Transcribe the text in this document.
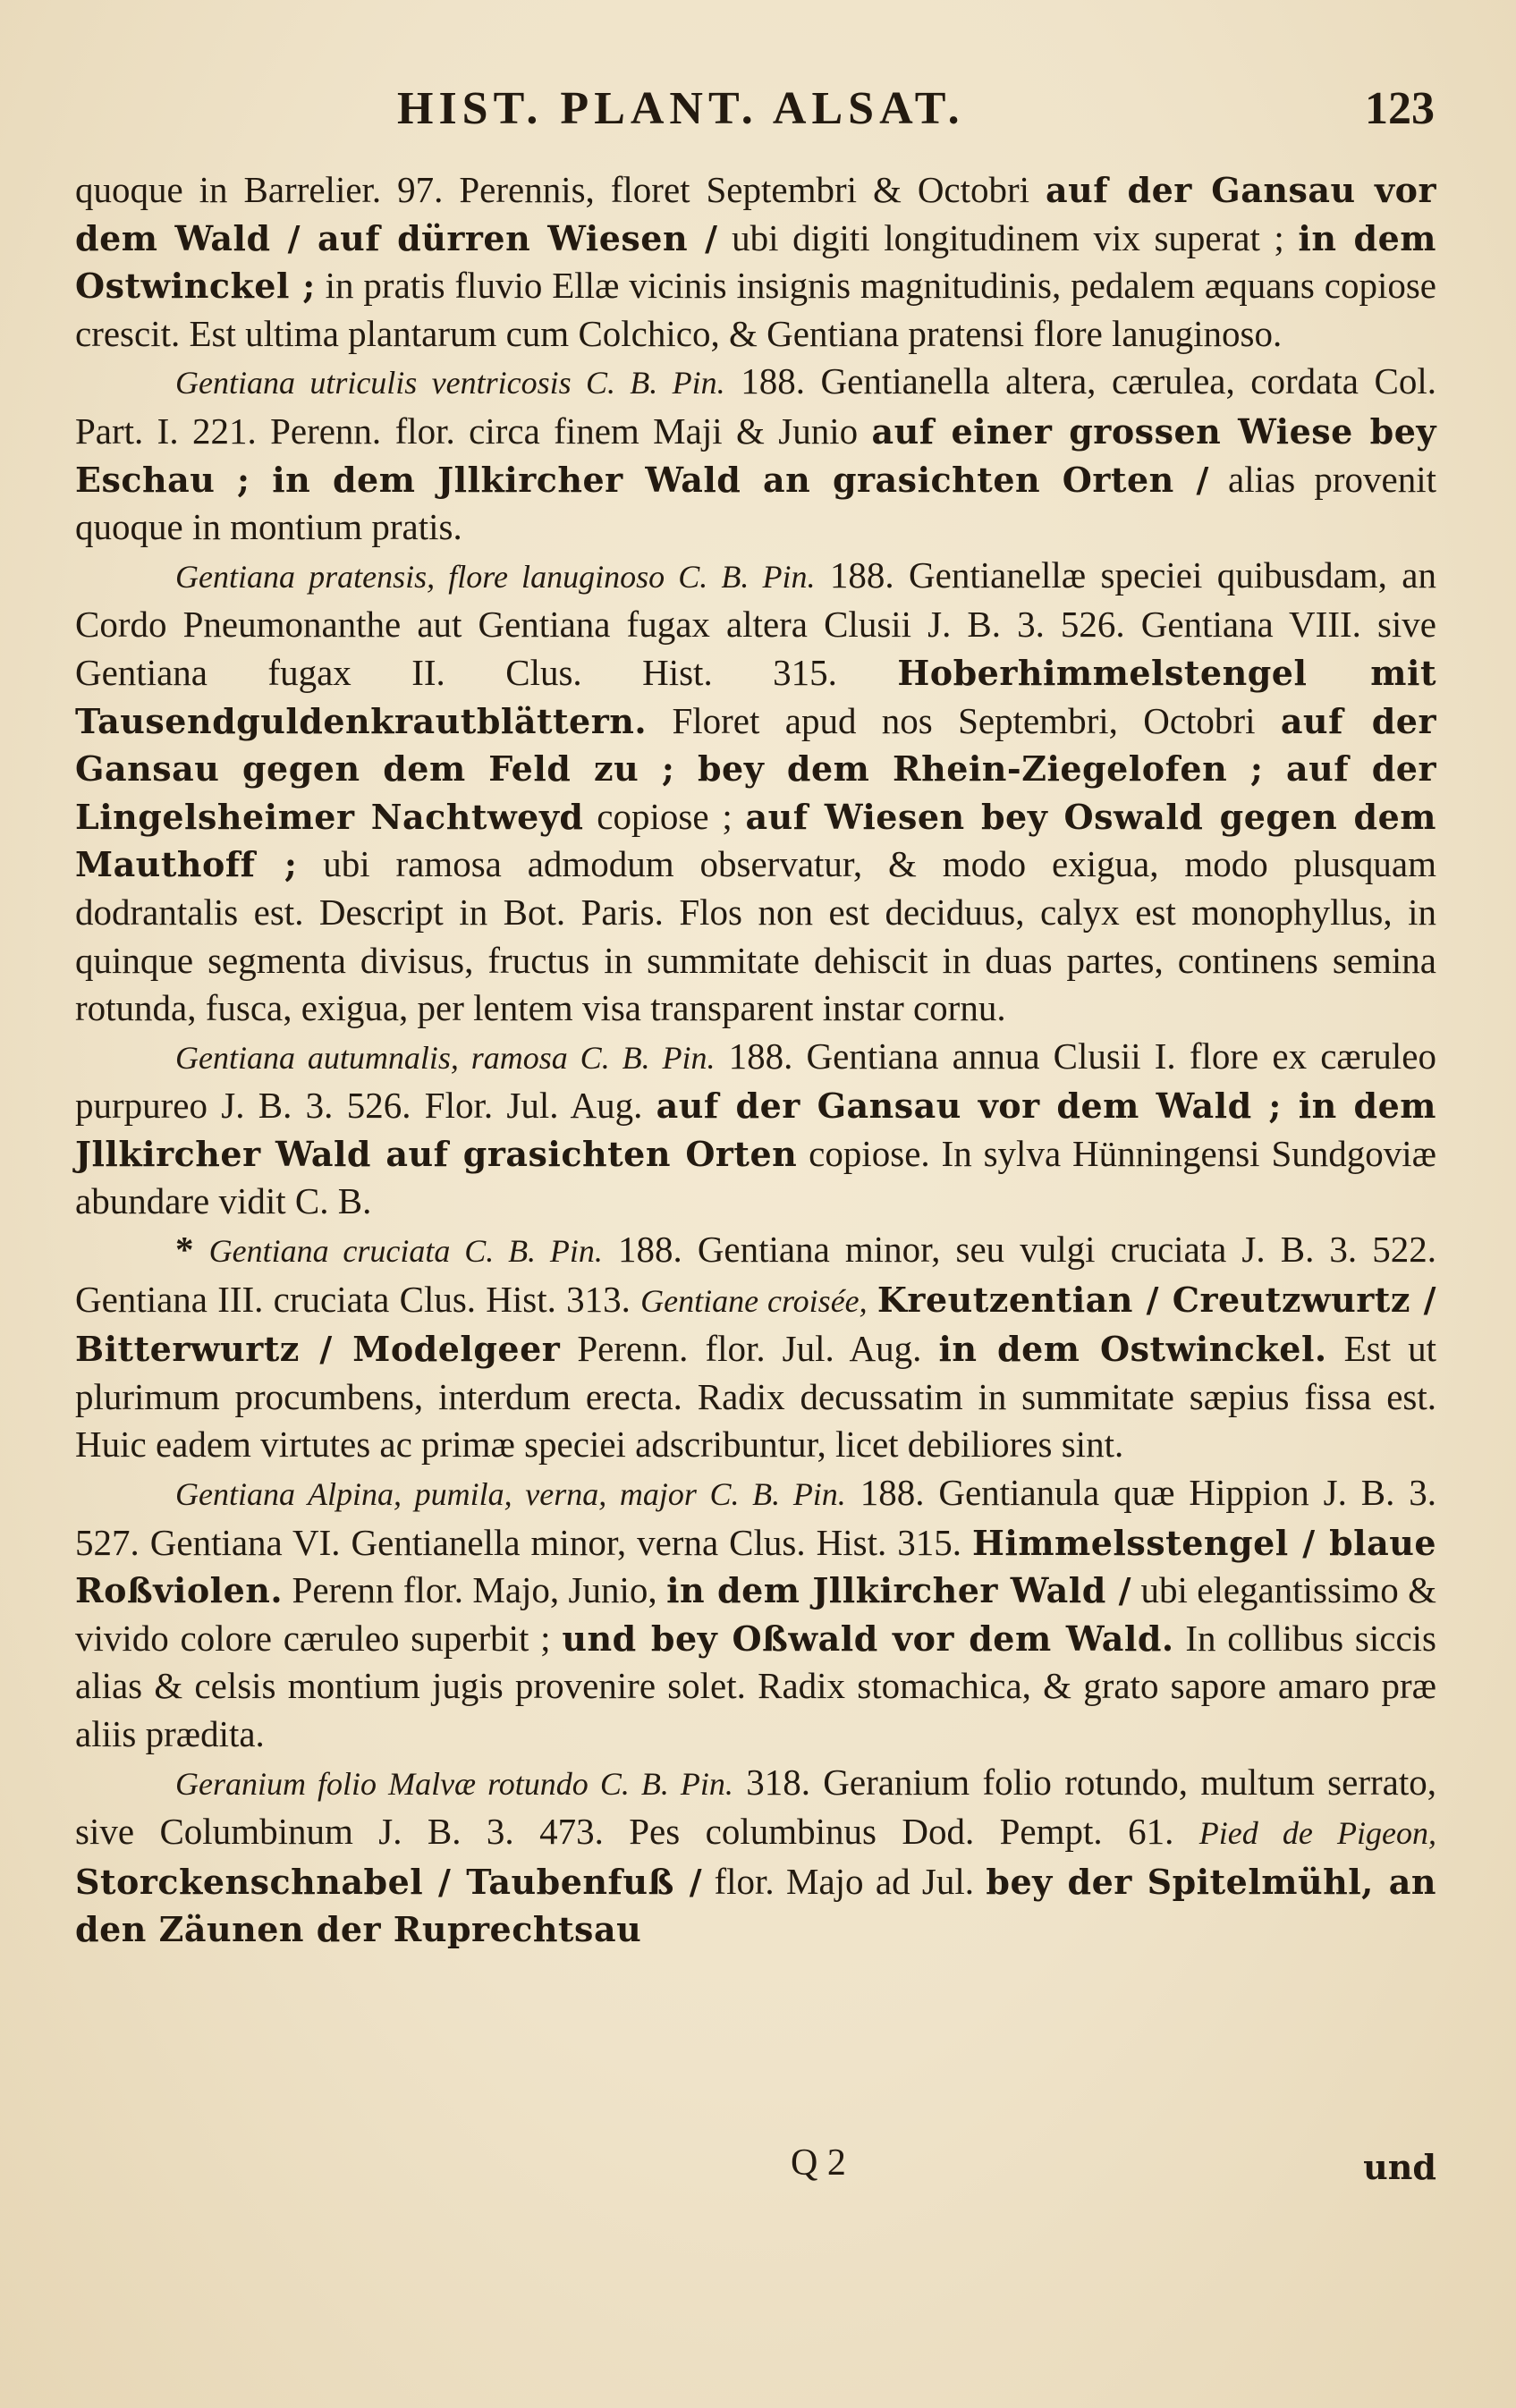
HIST. PLANT. ALSAT.	123

quoque in Barrelier. 97. Perennis, floret Septembri & Octobri auf der Gansau vor dem Wald / auf dürren Wiesen / ubi digiti longitudinem vix superat ; in dem Ostwinckel ; in pratis fluvio Ellæ vicinis insignis magnitudinis, pedalem æquans copiose crescit. Est ultima plantarum cum Colchico, & Gentiana pratensi flore lanuginoso.

Gentiana utriculis ventricosis C. B. Pin. 188. Gentianella altera, cærulea, cordata Col. Part. I. 221. Perenn. flor. circa finem Maji & Junio auf einer grossen Wiese bey Eschau ; in dem Jllkircher Wald an grasichten Orten / alias provenit quoque in montium pratis.

Gentiana pratensis, flore lanuginoso C. B. Pin. 188. Gentianellæ speciei quibusdam, an Cordo Pneumonanthe aut Gentiana fugax altera Clusii J. B. 3. 526. Gentiana VIII. sive Gentiana fugax II. Clus. Hist. 315. Hoberhimmelstengel mit Tausendguldenkrautblättern. Floret apud nos Septembri, Octobri auf der Gansau gegen dem Feld zu ; bey dem Rhein-Ziegelofen ; auf der Lingelsheimer Nachtweyd copiose ; auf Wiesen bey Oswald gegen dem Mauthoff ; ubi ramosa admodum observatur, & modo exigua, modo plusquam dodrantalis est. Descript in Bot. Paris. Flos non est deciduus, calyx est monophyllus, in quinque segmenta divisus, fructus in summitate dehiscit in duas partes, continens semina rotunda, fusca, exigua, per lentem visa transparent instar cornu.

Gentiana autumnalis, ramosa C. B. Pin. 188. Gentiana annua Clusii I. flore ex cæruleo purpureo J. B. 3. 526. Flor. Jul. Aug. auf der Gansau vor dem Wald ; in dem Jllkircher Wald auf grasichten Orten copiose. In sylva Hünningensi Sundgoviæ abundare vidit C. B.

* Gentiana cruciata C. B. Pin. 188. Gentiana minor, seu vulgi cruciata J. B. 3. 522. Gentiana III. cruciata Clus. Hist. 313. Gentiane croisée, Kreutzentian / Creutzwurtz / Bitterwurtz / Modelgeer Perenn. flor. Jul. Aug. in dem Ostwinckel. Est ut plurimum procumbens, interdum erecta. Radix decussatim in summitate sæpius fissa est. Huic eadem virtutes ac primæ speciei adscribuntur, licet debiliores sint.

Gentiana Alpina, pumila, verna, major C. B. Pin. 188. Gentianula quæ Hippion J. B. 3. 527. Gentiana VI. Gentianella minor, verna Clus. Hist. 315. Himmelsstengel / blaue Roßviolen. Perenn flor. Majo, Junio, in dem Jllkircher Wald / ubi elegantissimo & vivido colore cæruleo superbit ; und bey Oßwald vor dem Wald. In collibus siccis alias & celsis montium jugis provenire solet. Radix stomachica, & grato sapore amaro præ aliis prædita.

Geranium folio Malvæ rotundo C. B. Pin. 318. Geranium folio rotundo, multum serrato, sive Columbinum J. B. 3. 473. Pes columbinus Dod. Pempt. 61. Pied de Pigeon, Storckenschnabel / Taubenfuß / flor. Majo ad Jul. bey der Spitelmühl, an den Zäunen der Ruprechtsau

Q 2	und
